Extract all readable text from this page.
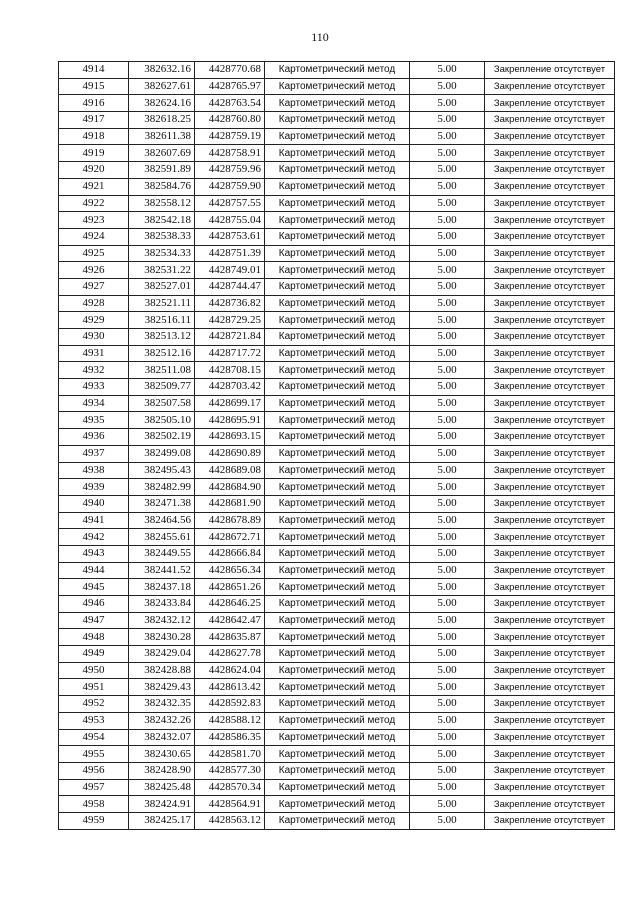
110
4914	382632.16	4428770.68	Картометрический метод	5.00	Закрепление отсутствует
4915	382627.61	4428765.97	Картометрический метод	5.00	Закрепление отсутствует
4916	382624.16	4428763.54	Картометрический метод	5.00	Закрепление отсутствует
4917	382618.25	4428760.80	Картометрический метод	5.00	Закрепление отсутствует
4918	382611.38	4428759.19	Картометрический метод	5.00	Закрепление отсутствует
4919	382607.69	4428758.91	Картометрический метод	5.00	Закрепление отсутствует
4920	382591.89	4428759.96	Картометрический метод	5.00	Закрепление отсутствует
4921	382584.76	4428759.90	Картометрический метод	5.00	Закрепление отсутствует
4922	382558.12	4428757.55	Картометрический метод	5.00	Закрепление отсутствует
4923	382542.18	4428755.04	Картометрический метод	5.00	Закрепление отсутствует
4924	382538.33	4428753.61	Картометрический метод	5.00	Закрепление отсутствует
4925	382534.33	4428751.39	Картометрический метод	5.00	Закрепление отсутствует
4926	382531.22	4428749.01	Картометрический метод	5.00	Закрепление отсутствует
4927	382527.01	4428744.47	Картометрический метод	5.00	Закрепление отсутствует
4928	382521.11	4428736.82	Картометрический метод	5.00	Закрепление отсутствует
4929	382516.11	4428729.25	Картометрический метод	5.00	Закрепление отсутствует
4930	382513.12	4428721.84	Картометрический метод	5.00	Закрепление отсутствует
4931	382512.16	4428717.72	Картометрический метод	5.00	Закрепление отсутствует
4932	382511.08	4428708.15	Картометрический метод	5.00	Закрепление отсутствует
4933	382509.77	4428703.42	Картометрический метод	5.00	Закрепление отсутствует
4934	382507.58	4428699.17	Картометрический метод	5.00	Закрепление отсутствует
4935	382505.10	4428695.91	Картометрический метод	5.00	Закрепление отсутствует
4936	382502.19	4428693.15	Картометрический метод	5.00	Закрепление отсутствует
4937	382499.08	4428690.89	Картометрический метод	5.00	Закрепление отсутствует
4938	382495.43	4428689.08	Картометрический метод	5.00	Закрепление отсутствует
4939	382482.99	4428684.90	Картометрический метод	5.00	Закрепление отсутствует
4940	382471.38	4428681.90	Картометрический метод	5.00	Закрепление отсутствует
4941	382464.56	4428678.89	Картометрический метод	5.00	Закрепление отсутствует
4942	382455.61	4428672.71	Картометрический метод	5.00	Закрепление отсутствует
4943	382449.55	4428666.84	Картометрический метод	5.00	Закрепление отсутствует
4944	382441.52	4428656.34	Картометрический метод	5.00	Закрепление отсутствует
4945	382437.18	4428651.26	Картометрический метод	5.00	Закрепление отсутствует
4946	382433.84	4428646.25	Картометрический метод	5.00	Закрепление отсутствует
4947	382432.12	4428642.47	Картометрический метод	5.00	Закрепление отсутствует
4948	382430.28	4428635.87	Картометрический метод	5.00	Закрепление отсутствует
4949	382429.04	4428627.78	Картометрический метод	5.00	Закрепление отсутствует
4950	382428.88	4428624.04	Картометрический метод	5.00	Закрепление отсутствует
4951	382429.43	4428613.42	Картометрический метод	5.00	Закрепление отсутствует
4952	382432.35	4428592.83	Картометрический метод	5.00	Закрепление отсутствует
4953	382432.26	4428588.12	Картометрический метод	5.00	Закрепление отсутствует
4954	382432.07	4428586.35	Картометрический метод	5.00	Закрепление отсутствует
4955	382430.65	4428581.70	Картометрический метод	5.00	Закрепление отсутствует
4956	382428.90	4428577.30	Картометрический метод	5.00	Закрепление отсутствует
4957	382425.48	4428570.34	Картометрический метод	5.00	Закрепление отсутствует
4958	382424.91	4428564.91	Картометрический метод	5.00	Закрепление отсутствует
4959	382425.17	4428563.12	Картометрический метод	5.00	Закрепление отсутствует
